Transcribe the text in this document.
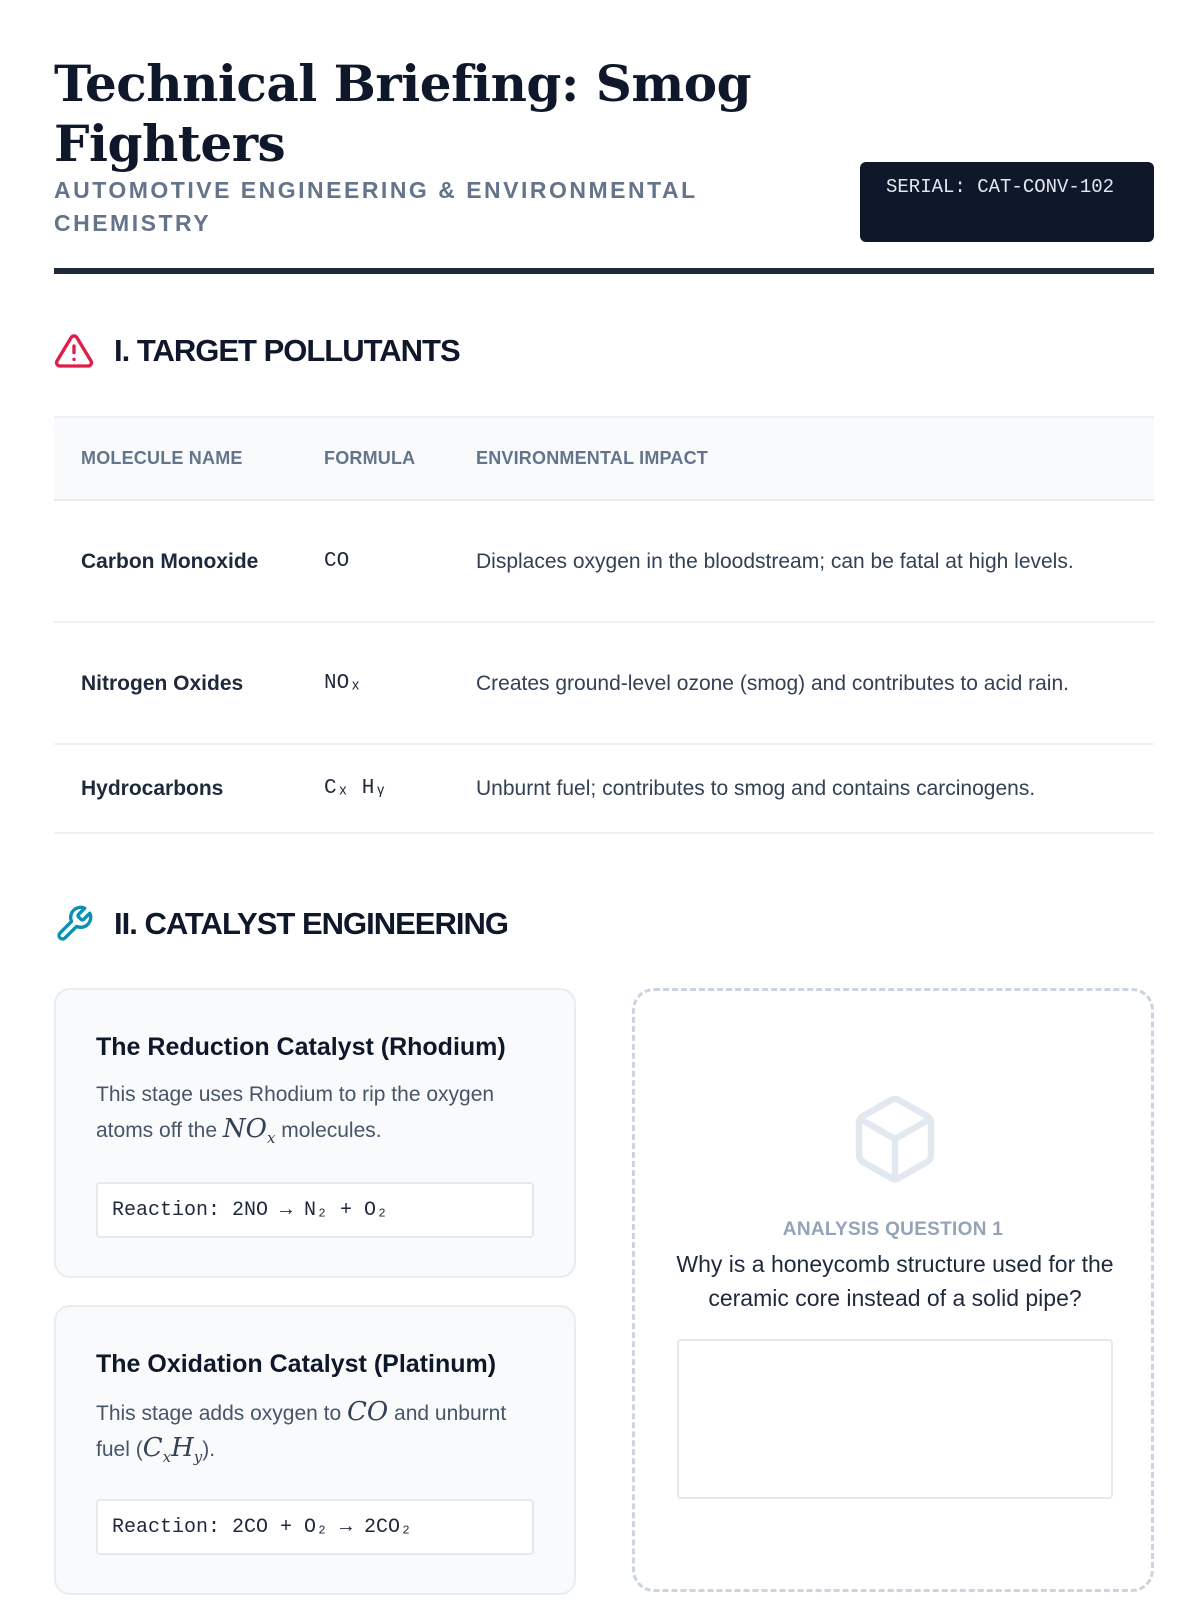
Technical Briefing: Smog Fighters
AUTOMOTIVE ENGINEERING & ENVIRONMENTAL CHEMISTRY
SERIAL: CAT-CONV-102
I. TARGET POLLUTANTS
MOLECULE NAME	FORMULA	ENVIRONMENTAL IMPACT
Carbon Monoxide	CO	Displaces oxygen in the bloodstream; can be fatal at high levels.
Nitrogen Oxides	NOₓ	Creates ground-level ozone (smog) and contributes to acid rain.
Hydrocarbons	Cₓ Hᵧ	Unburnt fuel; contributes to smog and contains carcinogens.
II. CATALYST ENGINEERING
The Reduction Catalyst (Rhodium)

This stage uses Rhodium to rip the oxygen atoms off the $NO_x$ molecules.

Reaction: 2NO → N₂ + O₂
The Oxidation Catalyst (Platinum)

This stage adds oxygen to CO and unburnt fuel $(C_xH_y)$.

Reaction: 2CO + O₂ → 2CO₂
ANALYSIS QUESTION 1
Why is a honeycomb structure used for the ceramic core instead of a solid pipe?
